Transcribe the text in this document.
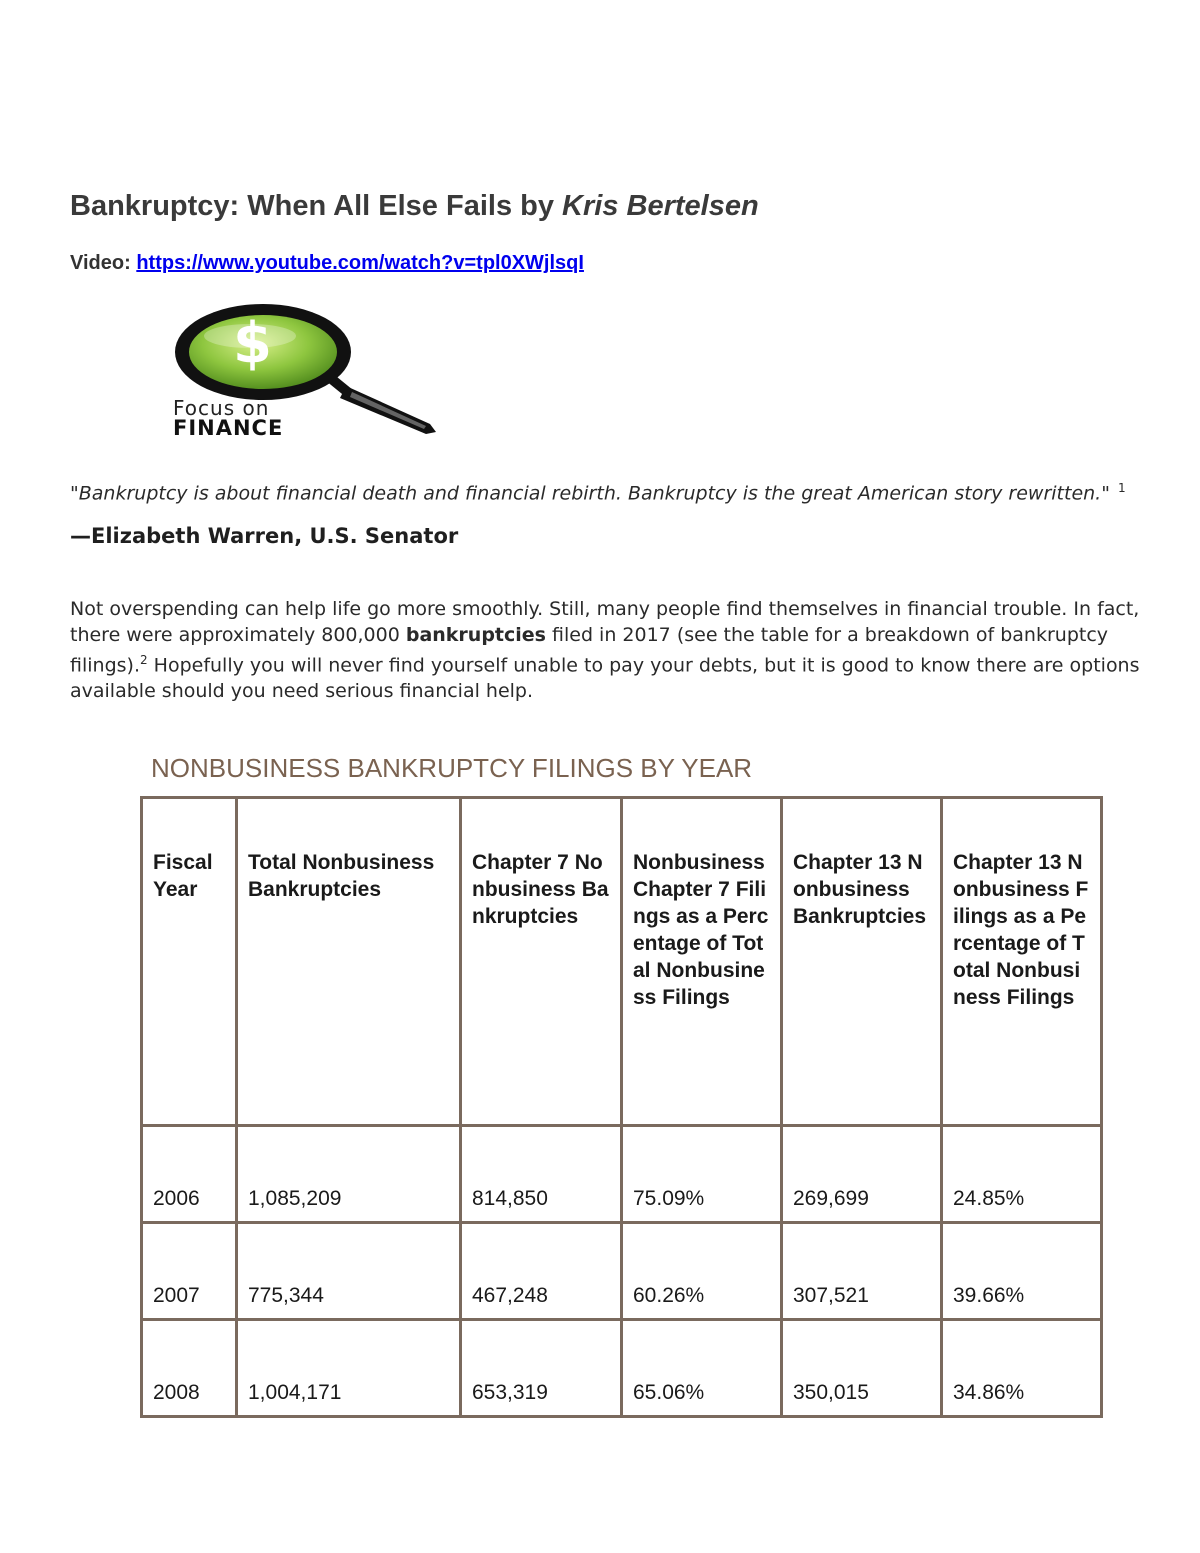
Bankruptcy: When All Else Fails by Kris Bertelsen
Video: https://www.youtube.com/watch?v=tpl0XWjlsqI
$
Focus on
FINANCE
"Bankruptcy is about financial death and financial rebirth. Bankruptcy is the great American story rewritten." $^1$
—Elizabeth Warren, U.S. Senator
Not overspending can help life go more smoothly. Still, many people find themselves in financial trouble. In fact, there were approximately 800,000 bankruptcies filed in 2017 (see the table for a breakdown of bankruptcy filings).$^2$ Hopefully you will never find yourself unable to pay your debts, but it is good to know there are options available should you need serious financial help.
NONBUSINESS BANKRUPTCY FILINGS BY YEAR
Fiscal Year	Total Nonbusiness Bankruptcies	Chapter 7 Nonbusiness Bankruptcies	Nonbusiness Chapter 7 Filings as a Percentage of Total Nonbusiness Filings	Chapter 13 Nonbusiness Bankruptcies	Chapter 13 Nonbusiness Filings as a Percentage of Total Nonbusiness Filings
2006	1,085,209	814,850	75.09%	269,699	24.85%
2007	775,344	467,248	60.26%	307,521	39.66%
2008	1,004,171	653,319	65.06%	350,015	34.86%
